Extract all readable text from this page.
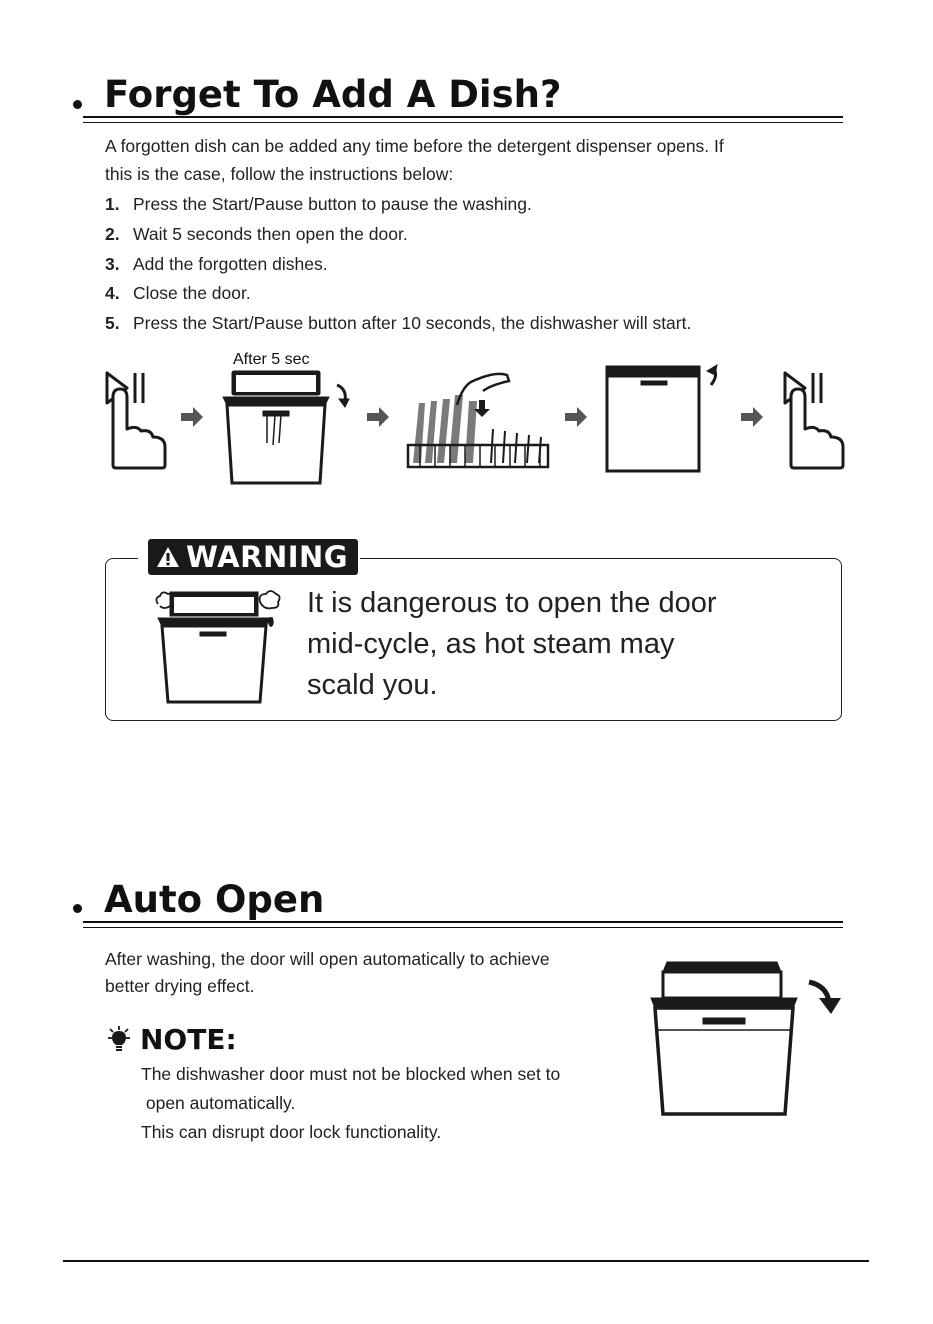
Forget To Add A Dish?

A forgotten dish can be added any time before the detergent dispenser opens. If
this is the case, follow the instructions below:

1. Press the Start/Pause button to pause the washing.
2. Wait 5 seconds then open the door.
3. Add the forgotten dishes.
4. Close the door.
5. Press the Start/Pause button after 10 seconds, the dishwasher will start.
After 5 sec
WARNING

It is dangerous to open the door
mid-cycle, as hot steam may
scald you.

Auto Open

After washing, the door will open automatically to achieve
better drying effect.

NOTE:
The dishwasher door must not be blocked when set to
open automatically.
This can disrupt door lock functionality.
